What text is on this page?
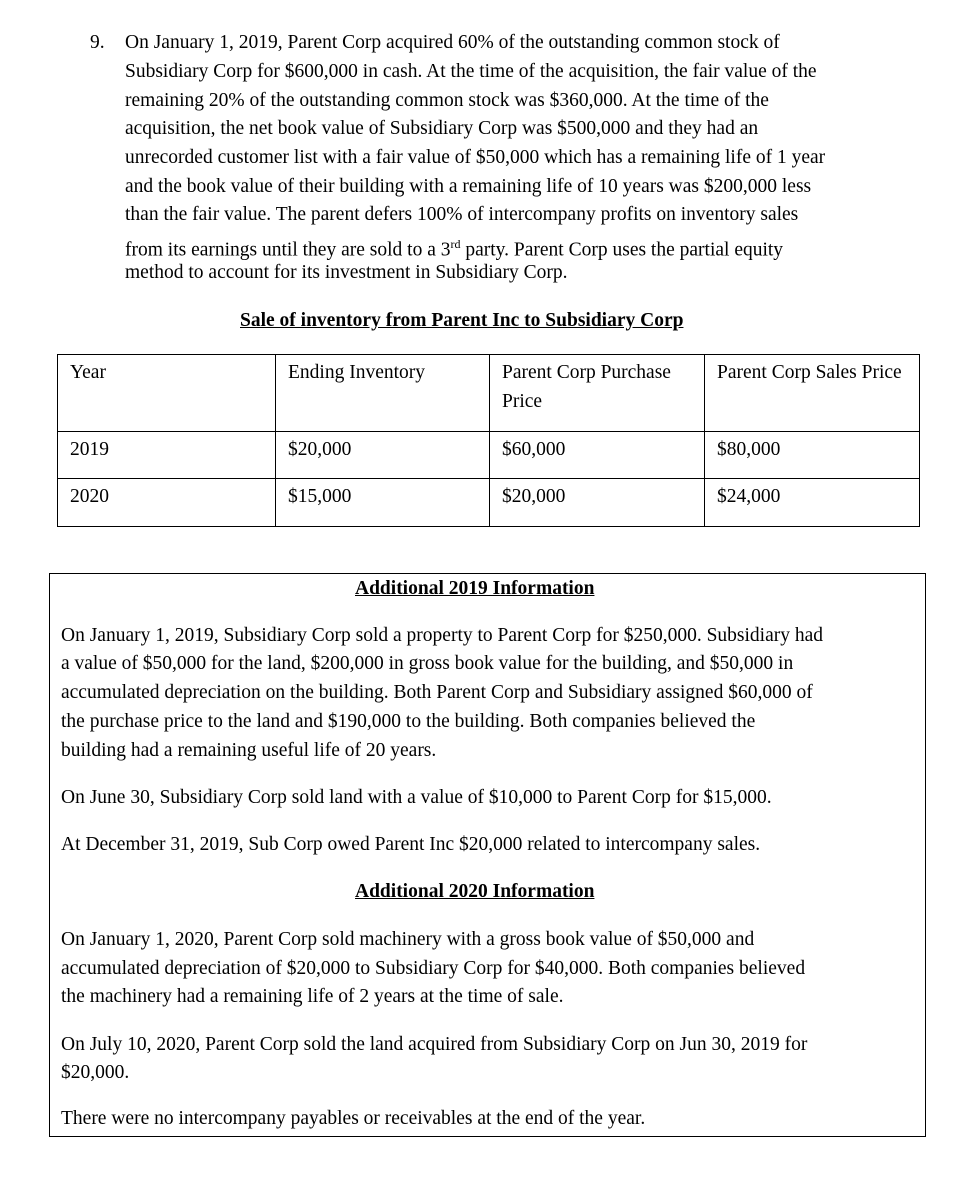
9. On January 1, 2019, Parent Corp acquired 60% of the outstanding common stock of
Subsidiary Corp for $600,000 in cash. At the time of the acquisition, the fair value of the
remaining 20% of the outstanding common stock was $360,000. At the time of the
acquisition, the net book value of Subsidiary Corp was $500,000 and they had an
unrecorded customer list with a fair value of $50,000 which has a remaining life of 1 year
and the book value of their building with a remaining life of 10 years was $200,000 less
than the fair value. The parent defers 100% of intercompany profits on inventory sales
from its earnings until they are sold to a 3rd party. Parent Corp uses the partial equity
method to account for its investment in Subsidiary Corp.
Sale of inventory from Parent Inc to Subsidiary Corp
Year	Ending Inventory	Parent Corp Purchase Price	Parent Corp Sales Price
2019	$20,000	$60,000	$80,000
2020	$15,000	$20,000	$24,000
Additional 2019 Information
On January 1, 2019, Subsidiary Corp sold a property to Parent Corp for $250,000. Subsidiary had
a value of $50,000 for the land, $200,000 in gross book value for the building, and $50,000 in
accumulated depreciation on the building. Both Parent Corp and Subsidiary assigned $60,000 of
the purchase price to the land and $190,000 to the building. Both companies believed the
building had a remaining useful life of 20 years.
On June 30, Subsidiary Corp sold land with a value of $10,000 to Parent Corp for $15,000.
At December 31, 2019, Sub Corp owed Parent Inc $20,000 related to intercompany sales.
Additional 2020 Information
On January 1, 2020, Parent Corp sold machinery with a gross book value of $50,000 and
accumulated depreciation of $20,000 to Subsidiary Corp for $40,000. Both companies believed
the machinery had a remaining life of 2 years at the time of sale.
On July 10, 2020, Parent Corp sold the land acquired from Subsidiary Corp on Jun 30, 2019 for
$20,000.
There were no intercompany payables or receivables at the end of the year.
